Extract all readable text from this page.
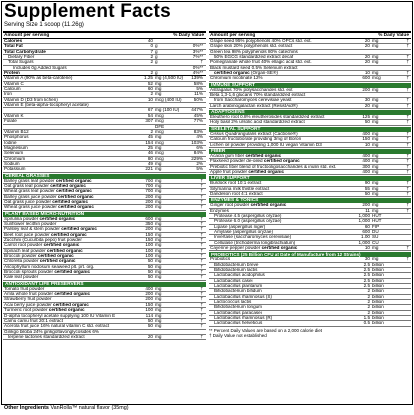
Supplement Facts
Serving Size 1 scoop (11.26g)
Amount per serving	% Daily Value
Calories	40
Total Fat	0 g	0%**
Total Carbohydrate	7 g	3%**
Dietary Fiber	2 g	7%**
Total Sugars	2 g	†
Includes 0g Added Sugars	0%**
Protein	2 g	4%**
Vitamin A (90% as beta-carotene)	1.25 mg (4,500 IU)	139%
Vitamin C	52 mg	58%
Calcium	60 mg	5%
Iron	2 mg	11%
Vitamin D (D3 from lichen)	10 mcg (400 IU)	50%
Vitamin E (beta-alpha-tocopheryl acetate)
67 mg (100 IU)	447%
Vitamin K	54 mcg	45%
Folate	307 mcg	77%
DFE
Vitamin B12	2 mcg	83%
Phosphorus	45 mg	4%
Iodine	154 mcg	103%
Magnesium	25 mg	6%
Selenium	46 mcg	84%
Chromium	80 mcg	229%
Sodium	49 mg	2%
Potassium	221 mg	5%
CEREAL GRASSES
Barley grass leaf powder certified organic	700 mg	†
Oat grass leaf powder certified organic	700 mg	†
Wheat grass leaf powder certified organic	700 mg	†
Barley grass juice powder certified organic	200 mg	†
Oat grass juice powder certified organic	200 mg	†
Wheat grass juice powder certified organic	200 mg	†
PLANT BASED MICRO-NUTRITION
Spirulina powder certified organic	600 mg	†
Sunflower lecithin powder	350 mg	†
Parsley leaf & stem powder certified organic	200 mg	†
Beet root juice powder certified organic	150 mg	†
Zucchini (Cucurbita pepo) fruit powder	150 mg	†
Carrot root powder certified organic	100 mg	†
Spinach leaf powder certified organic	100 mg	†
Broccoli powder certified organic	100 mg	†
Chlorella powder certified organic	50 mg	†
Ascophyllum nodosum seaweed plt. prt. org.	50 mg	†
Broccoli sprouts powder certified organic	50 mg	†
Kale leaf powder	50 mg	†
ANTIOXIDANT LIFE PRESERVERS
Tomato fruit powder	400 mg	†
Amla whole fruit powder certified organic	200 mg	†
Strawberry fruit powder	200 mg	†
Acai berry juice powder certified organic	150 mg	†
Turmeric root powder certified organic	100 mg	†
D-alpha tocopheryl acetate supplying 100 IU Vitamin E	114 mg	†
Camu camu fruit 20:1 extract	50 mg	†
Acerola fruit juice 16% natural vitamin C std. extract	50 mg	†
Ginkgo biloba 24% ginkgoflavonglycosides 6%
terpene lactones standardized extract	20 mg	†
Amount per serving	% Daily Value
Grape seed 95% polyphenols 40% OPCs std. ext.	20 mg	†
Grape skin 20% polyphenols std. extract	20 mg	†
Green tea 98% polyphenols 80% catechins
50% EGCG standardized extract decaf	20 mg	†
Pomegranate whole fruit 40% ellagic acid std. ext.	20 mg	†
Black mustard seed 0.5% Selenium extract
certified organic (Organ-SE®)	10 mg	†
Chromium nicotinate 12%	600 mcg	†
IMMUNE SUPPORT
Astragalus 70% polysaccharides std. ext	200 mg	†
Beta 1,3-1,6 glucans 70% standardized extract
from Saccharomyces cerevisiae yeast	30 mg	†
Larch arabinogalactan extract (ResistAid®)	20 mg	†
ADAPTOGENS
Eleuthero root 0.8% eleutherosides standardized extract	125 mg	†
Holy basil 2% ursolic acid standardized extract	50 mg	†
SKELETAL SUPPORT
Cissus Quadrangularis extract (Cacbone®)	400 mg	†
Calcium fructoborate providing 3mg of Boron	150 mg	†
Lichen oil powder providing 1,000 IU vegan Vitamin D3	10 mg	†
FIBER
Acacia gum fiber certified organic	400 mg	†
Flaxseed powder de-oiled certified organic	400 mg	†
Prebiotic fiber blend of fructooligosaccharides & inulin std. ext.	300 mg	†
Apple fruit powder certified organic	400 mg	†
LIVER SUPPORT
Burdock root 10:1 extract	90 mg	†
Silymarina milk thistle extract	55 mg	†
Dandelion root 4:1 extract	50 mg	†
ENZYMES & TONICS
Ginger root powder certified organic	200 mg	†
Enzymes	11 mg	†
Protease 4.5 (aspergillus oryzae)	1,000 HUT
Protease 6.0 (aspergillus oryzae)	1,000 HUT
Lipase (aspergillus niger)	60 FIP
Amylase (aspergillus oryzae)	600 DU
Invertase (saccharomyces cerevisiae)	1.00 SU
Cellulase (trichoderma longibrachiatum)	1,000 CU
Cayenne pepper powder certified organic	10 mg	†
PROBIOTICS (25 Billion CFU at Date of Manufacture from 12 Strains)
Probiotics	30 mg	†
Bifidobacterium breve	2.5 billion
Bifidobacterium lactis	2.5 billion
Lactobacillus acidophilus	2.5 billion
Lactobacillus casei	2.5 billion
Lactobacillus plantarum	2.5 billion
Bifidobacterium bifidum	2 billion
Lactobacillus rhamnosus (S)	2 billion
Lactococcus lactis	2 billion
Bifidobacterium longum	2 billion
Lactobacillus paracasei	2 billion
Lactobacillus rhamnosus (R)	1.5 billion
Lactobacillus helveticus	0.5 billion
** Percent Daily Values are based on a 2,000 calorie diet
† Daily Value not established
Other Ingredients VanRolla™ natural flavor (35mg)
